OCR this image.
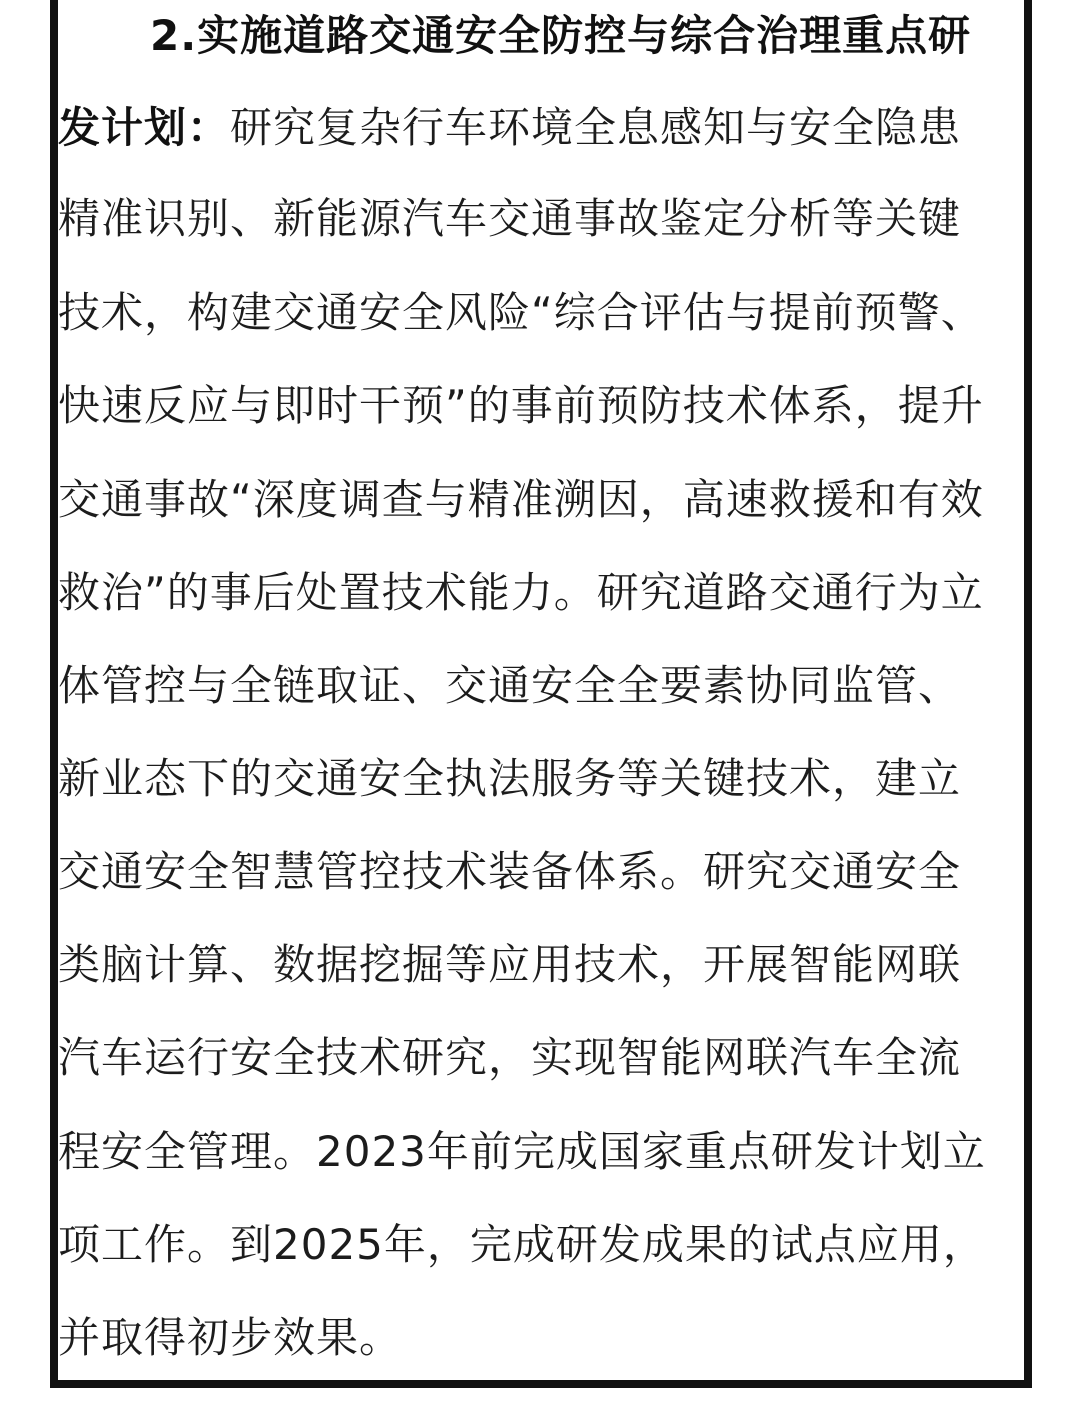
2.实施道路交通安全防控与综合治理重点研
发计划：研究复杂行车环境全息感知与安全隐患
精准识别、新能源汽车交通事故鉴定分析等关键
技术，构建交通安全风险“综合评估与提前预警、
快速反应与即时干预”的事前预防技术体系，提升
交通事故“深度调查与精准溯因，高速救援和有效
救治”的事后处置技术能力。研究道路交通行为立
体管控与全链取证、交通安全全要素协同监管、
新业态下的交通安全执法服务等关键技术，建立
交通安全智慧管控技术装备体系。研究交通安全
类脑计算、数据挖掘等应用技术，开展智能网联
汽车运行安全技术研究，实现智能网联汽车全流
程安全管理。2023年前完成国家重点研发计划立
项工作。到2025年，完成研发成果的试点应用，
并取得初步效果。
